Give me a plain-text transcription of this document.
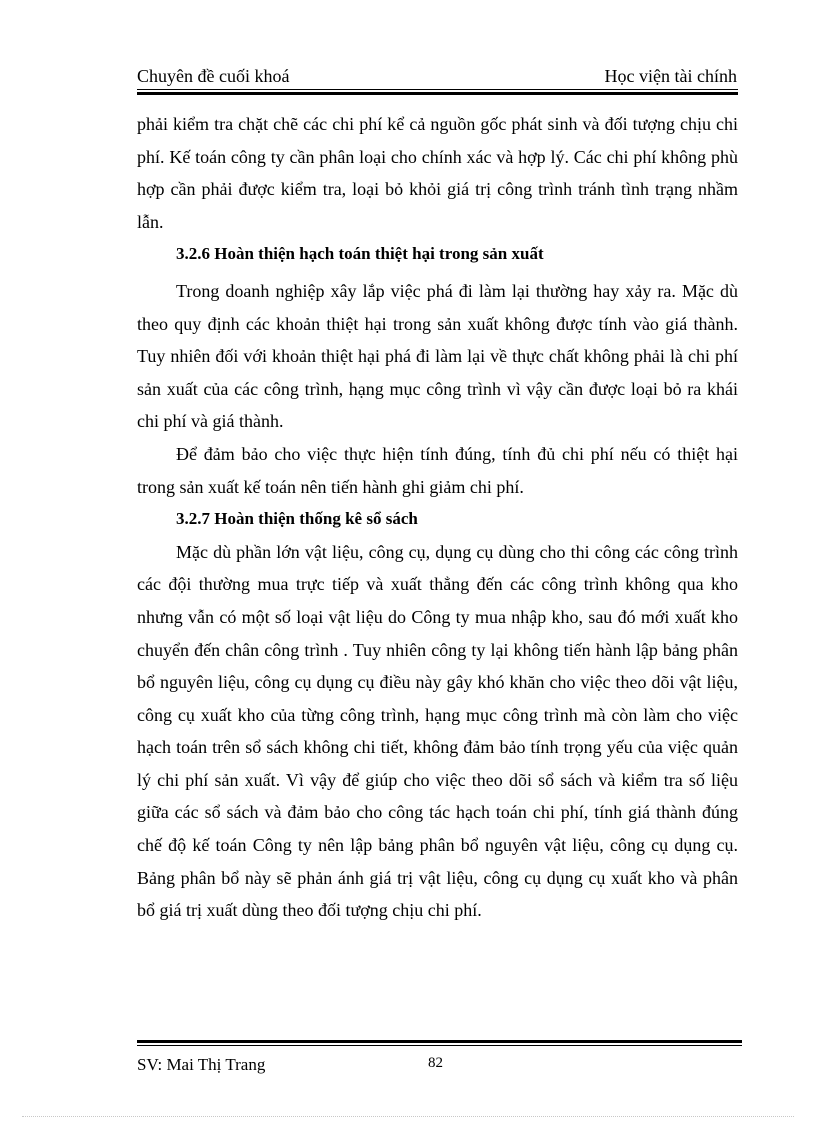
Chuyên đề cuối khoá	Học viện tài chính

phải kiểm tra chặt chẽ các chi phí kể cả nguồn gốc phát sinh và đối tượng chịu chi phí. Kế toán công ty cần phân loại cho chính xác và hợp lý. Các chi phí không phù hợp cần phải được kiểm tra, loại bỏ khỏi giá trị công trình tránh tình trạng nhầm lẫn.

3.2.6 Hoàn thiện hạch toán thiệt hại trong sản xuất

Trong doanh nghiệp xây lắp việc phá đi làm lại thường hay xảy ra. Mặc dù theo quy định các khoản thiệt hại trong sản xuất không được tính vào giá thành. Tuy nhiên đối với khoản thiệt hại phá đi làm lại về thực chất không phải là chi phí sản xuất của các công trình, hạng mục công trình vì vậy cần được loại bỏ ra khái chi phí và giá thành.

Để đảm bảo cho việc thực hiện tính đúng, tính đủ chi phí nếu có thiệt hại trong sản xuất kế toán nên tiến hành ghi giảm chi phí.

3.2.7 Hoàn thiện thống kê sổ sách

Mặc dù phần lớn vật liệu, công cụ, dụng cụ dùng cho thi công các công trình các đội thường mua trực tiếp và xuất thẳng đến các công trình không qua kho nhưng vẫn có một số loại vật liệu do Công ty mua nhập kho, sau đó mới xuất kho chuyển đến chân công trình . Tuy nhiên công ty lại không tiến hành lập bảng phân bổ nguyên liệu, công cụ dụng cụ điều này gây khó khăn cho việc theo dõi vật liệu, công cụ xuất kho của từng công trình, hạng mục công trình mà còn làm cho việc hạch toán trên sổ sách không chi tiết, không đảm bảo tính trọng yếu của việc quản lý chi phí sản xuất. Vì vậy để giúp cho việc theo dõi sổ sách và kiểm tra số liệu giữa các sổ sách và đảm bảo cho công tác hạch toán chi phí, tính giá thành đúng chế độ kế toán Công ty nên lập bảng phân bổ nguyên vật liệu, công cụ dụng cụ. Bảng phân bổ này sẽ phản ánh giá trị vật liệu, công cụ dụng cụ xuất kho và phân bổ giá trị xuất dùng theo đối tượng chịu chi phí.

SV: Mai Thị Trang	82
